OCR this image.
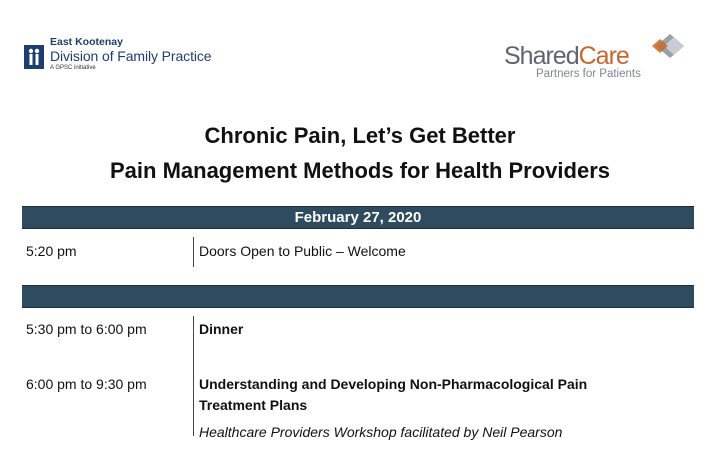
East Kootenay
Division of Family Practice
A GPSC initiative	SharedCare
Partners for Patients
Chronic Pain, Let’s Get Better
Pain Management Methods for Health Providers
February 27, 2020
5:20 pm	Doors Open to Public – Welcome
5:30 pm to 6:00 pm	Dinner
6:00 pm to 9:30 pm	Understanding and Developing Non-Pharmacological Pain
Treatment Plans
Healthcare Providers Workshop facilitated by Neil Pearson
